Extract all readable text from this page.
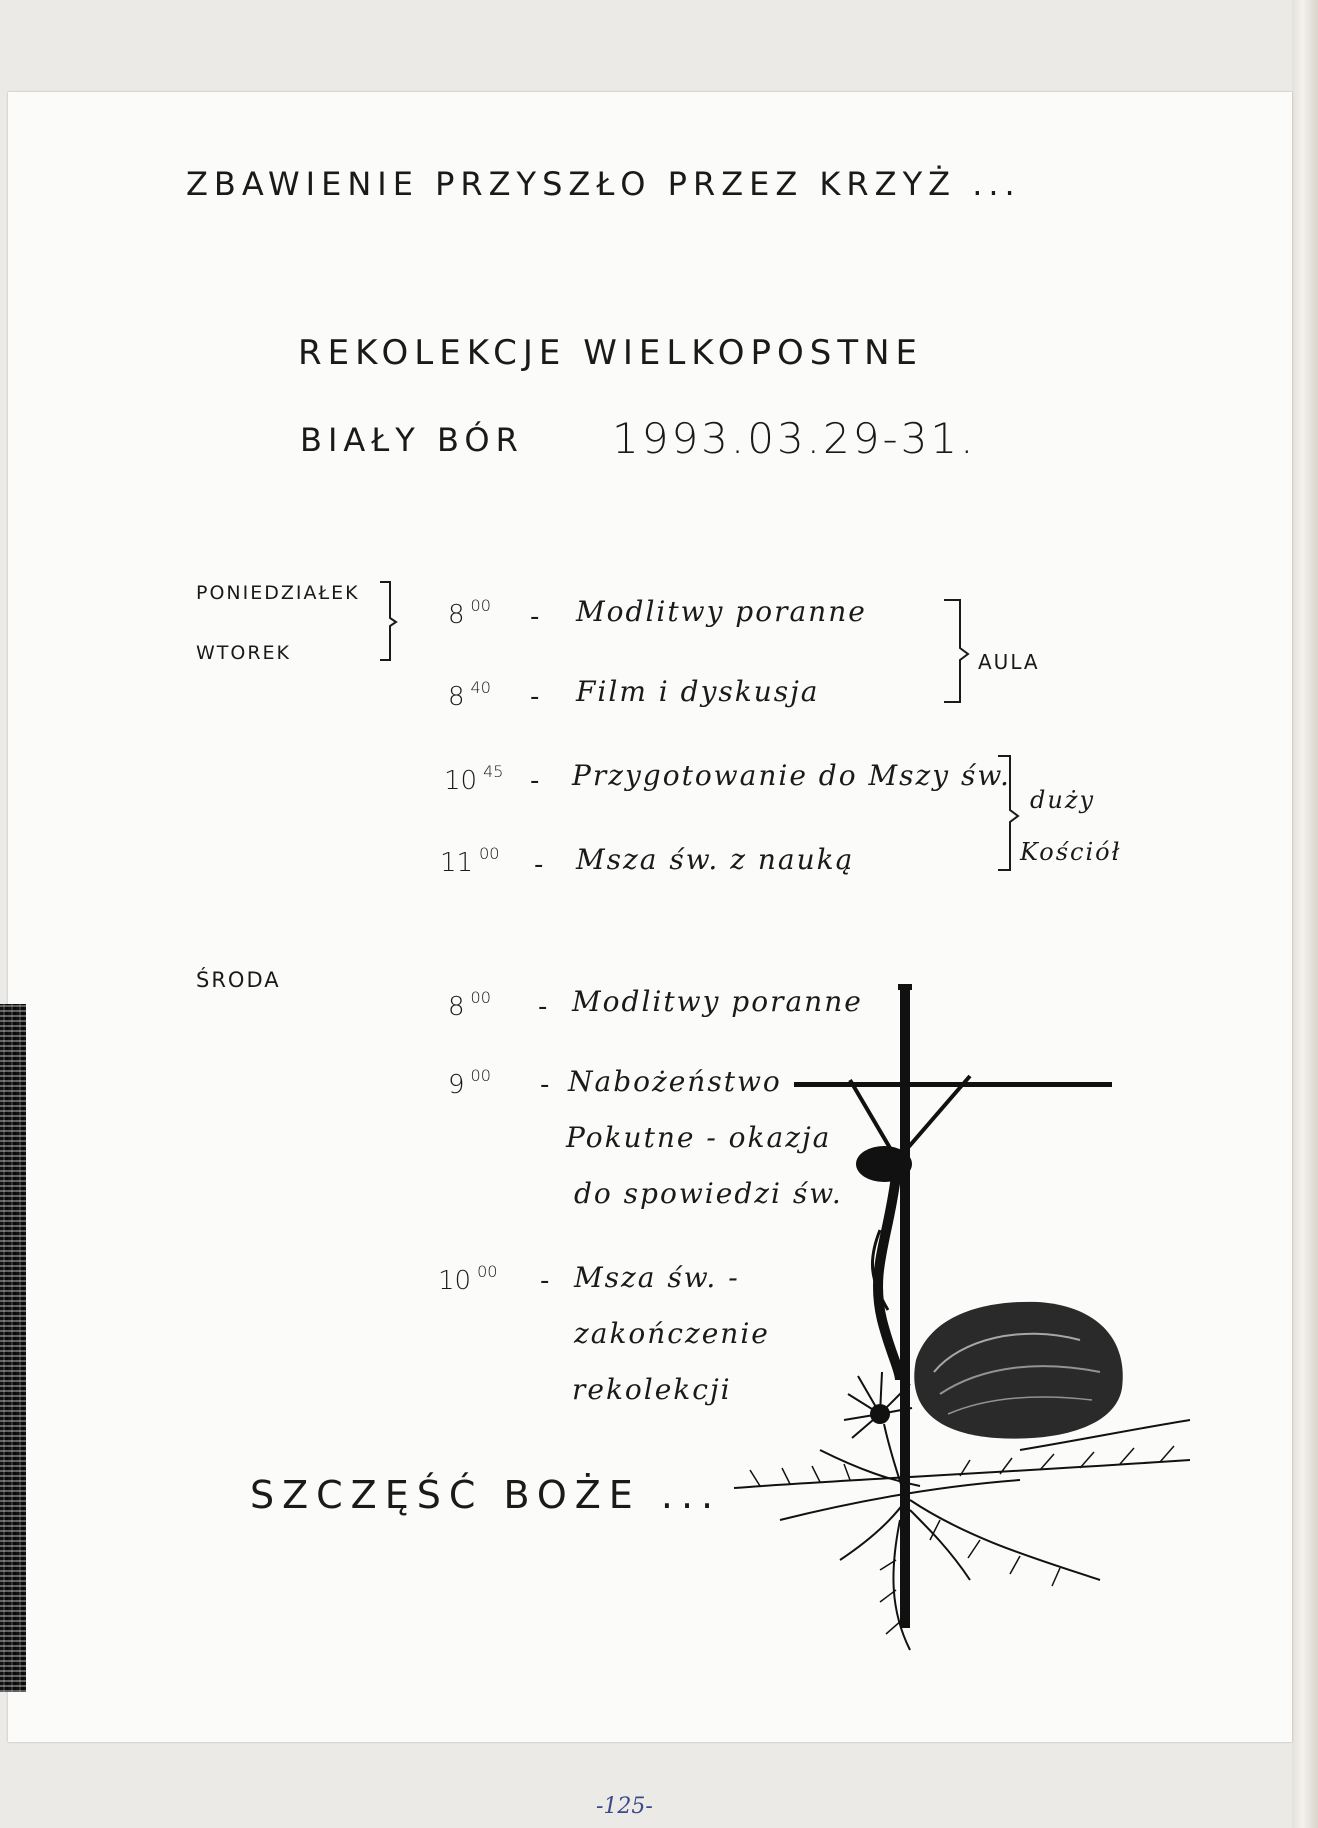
ZBAWIENIE PRZYSZŁO PRZEZ KRZYŻ ...
REKOLEKCJE WIELKOPOSTNE
BIAŁY BÓR 1993.03.29-31.
PONIEDZIAŁEK
WTOREK
8 $^{00}$ - Modlitwy poranne
8 $^{40}$ - Film i dyskusja
10 $^{45}$ - Przygotowanie do Mszy św.
11 $^{00}$ - Msza św. z nauką
AULA
duży
Kościół
ŚRODA
8 $^{00}$ - Modlitwy poranne
9 $^{00}$ - Nabożeństwo
Pokutne - okazja
do spowiedzi św.
10 $^{00}$ - Msza św. -
zakończenie
rekolekcji
SZCZĘŚĆ BOŻE ...
-125-
